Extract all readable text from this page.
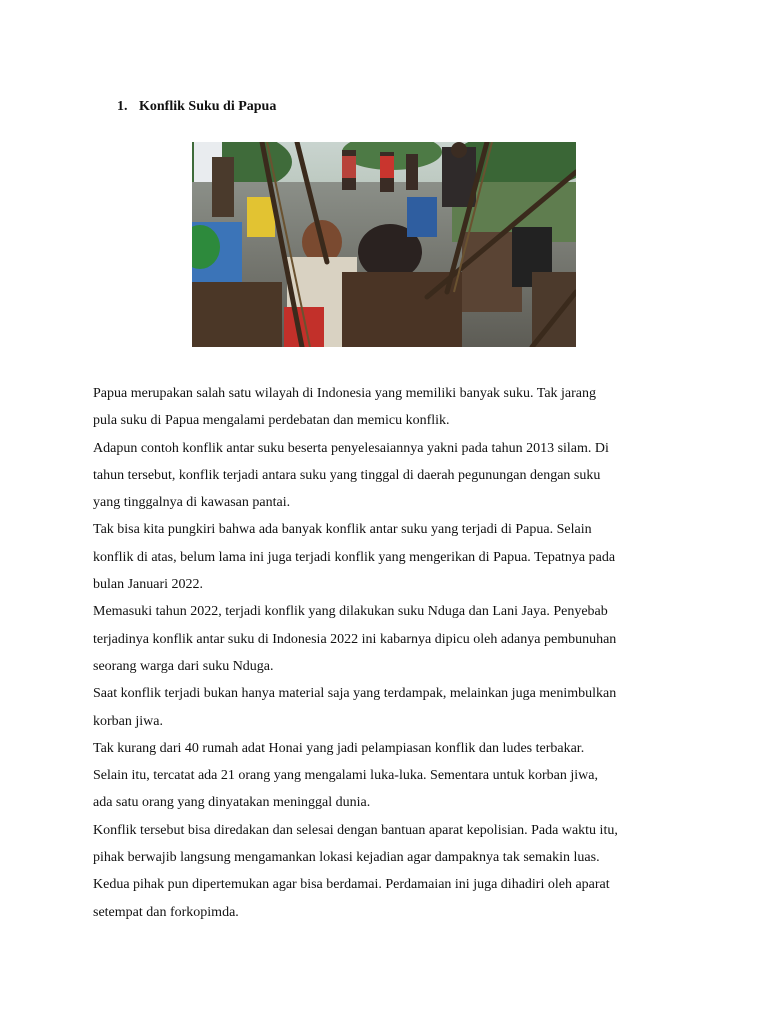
1. Konflik Suku di Papua

Papua merupakan salah satu wilayah di Indonesia yang memiliki banyak suku. Tak jarang

pula suku di Papua mengalami perdebatan dan memicu konflik.

Adapun contoh konflik antar suku beserta penyelesaiannya yakni pada tahun 2013 silam. Di

tahun tersebut, konflik terjadi antara suku yang tinggal di daerah pegunungan dengan suku

yang tinggalnya di kawasan pantai.

Tak bisa kita pungkiri bahwa ada banyak konflik antar suku yang terjadi di Papua. Selain

konflik di atas, belum lama ini juga terjadi konflik yang mengerikan di Papua. Tepatnya pada

bulan Januari 2022.

Memasuki tahun 2022, terjadi konflik yang dilakukan suku Nduga dan Lani Jaya. Penyebab

terjadinya konflik antar suku di Indonesia 2022 ini kabarnya dipicu oleh adanya pembunuhan

seorang warga dari suku Nduga.

Saat konflik terjadi bukan hanya material saja yang terdampak, melainkan juga menimbulkan

korban jiwa.

Tak kurang dari 40 rumah adat Honai yang jadi pelampiasan konflik dan ludes terbakar.

Selain itu, tercatat ada 21 orang yang mengalami luka-luka. Sementara untuk korban jiwa,

ada satu orang yang dinyatakan meninggal dunia.

Konflik tersebut bisa diredakan dan selesai dengan bantuan aparat kepolisian. Pada waktu itu,

pihak berwajib langsung mengamankan lokasi kejadian agar dampaknya tak semakin luas.

Kedua pihak pun dipertemukan agar bisa berdamai. Perdamaian ini juga dihadiri oleh aparat

setempat dan forkopimda.
